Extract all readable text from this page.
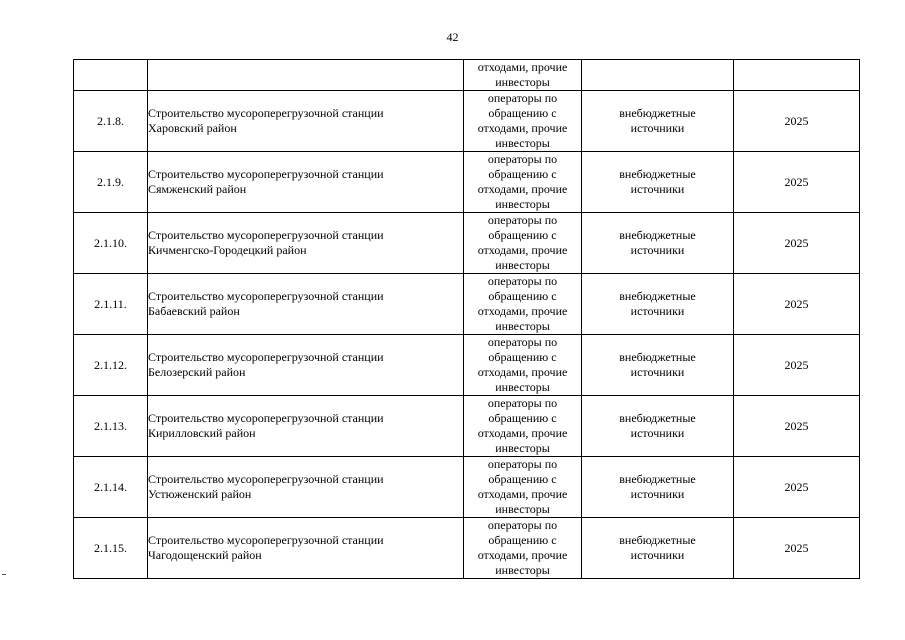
42

		отходами, прочие
инвесторы		

2.1.8.	Строительство мусороперегрузочной станции
Харовский район	операторы по
обращению с
отходами, прочие
инвесторы	внебюджетные
источники	2025
2.1.9.	Строительство мусороперегрузочной станции
Сямженский район	операторы по
обращению с
отходами, прочие
инвесторы	внебюджетные
источники	2025
2.1.10.	Строительство мусороперегрузочной станции
Кичменгско-Городецкий район	операторы по
обращению с
отходами, прочие
инвесторы	внебюджетные
источники	2025
2.1.11.	Строительство мусороперегрузочной станции
Бабаевский район	операторы по
обращению с
отходами, прочие
инвесторы	внебюджетные
источники	2025
2.1.12.	Строительство мусороперегрузочной станции
Белозерский район	операторы по
обращению с
отходами, прочие
инвесторы	внебюджетные
источники	2025
2.1.13.	Строительство мусороперегрузочной станции
Кирилловский район	операторы по
обращению с
отходами, прочие
инвесторы	внебюджетные
источники	2025
2.1.14.	Строительство мусороперегрузочной станции
Устюженский район	операторы по
обращению с
отходами, прочие
инвесторы	внебюджетные
источники	2025
2.1.15.	Строительство мусороперегрузочной станции
Чагодощенский район	операторы по
обращению с
отходами, прочие
инвесторы	внебюджетные
источники	2025
